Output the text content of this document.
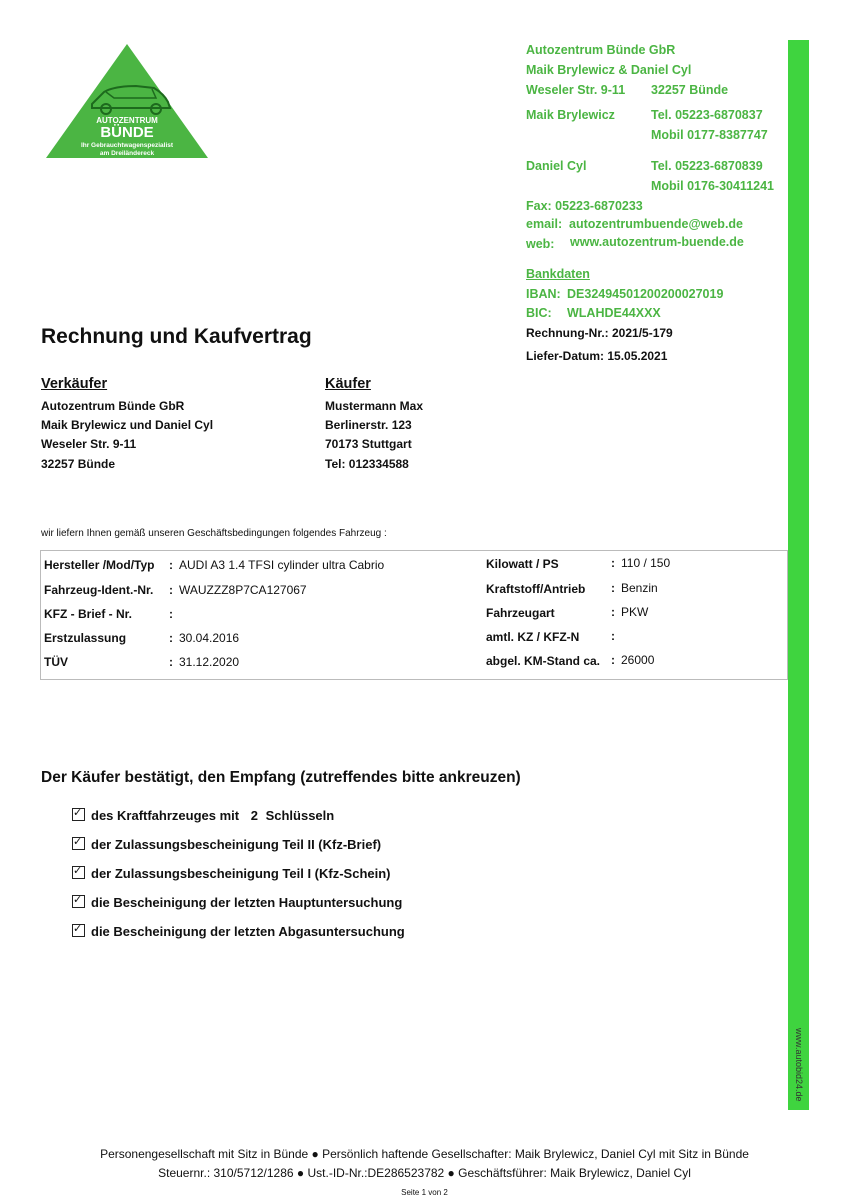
AUTOZENTRUM
BÜNDE
Ihr Gebrauchtwagenspezialist
am Dreiländereck
Autozentrum Bünde GbR
Maik Brylewicz & Daniel Cyl
Weseler Str. 9-11 32257 Bünde
Maik Brylewicz	Tel. 05223-6870837
Mobil 0177-8387747
Daniel Cyl	Tel. 05223-6870839
Mobil 0176-30411241
Fax: 05223-6870233
email: autozentrumbuende@web.de
web: www.autozentrum-buende.de
Bankdaten
IBAN: DE32494501200200027019
BIC: WLAHDE44XXX
Rechnung-Nr.: 2021/5-179
Liefer-Datum: 15.05.2021
www.autobid24.de
Rechnung und Kaufvertrag
Verkäufer
Autozentrum Bünde GbR
Maik Brylewicz und Daniel Cyl
Weseler Str. 9-11
32257 Bünde
Käufer
Mustermann Max
Berlinerstr. 123
70173 Stuttgart
Tel: 012334588
wir liefern Ihnen gemäß unseren Geschäftsbedingungen folgendes Fahrzeug :
Hersteller /Mod/Typ : AUDI A3 1.4 TFSI cylinder ultra Cabrio
Fahrzeug-Ident.-Nr. : WAUZZZ8P7CA127067
KFZ - Brief - Nr.	:
Erstzulassung	: 30.04.2016
TÜV	: 31.12.2020
Kilowatt / PS	: 110 / 150
Kraftstoff/Antrieb : Benzin
Fahrzeugart	: PKW
amtl. KZ / KFZ-N	:
abgel. KM-Stand ca. : 26000
Der Käufer bestätigt, den Empfang (zutreffendes bitte ankreuzen)
✓ des Kraftfahrzeuges mit 2 Schlüsseln
✓ der Zulassungsbescheinigung Teil II (Kfz-Brief)
✓ der Zulassungsbescheinigung Teil I (Kfz-Schein)
✓ die Bescheinigung der letzten Hauptuntersuchung
✓ die Bescheinigung der letzten Abgasuntersuchung
Personengesellschaft mit Sitz in Bünde ● Persönlich haftende Gesellschafter: Maik Brylewicz, Daniel Cyl mit Sitz in Bünde
Steuernr.: 310/5712/1286 ● Ust.-ID-Nr.:DE286523782 ● Geschäftsführer: Maik Brylewicz, Daniel Cyl
Seite 1 von 2
